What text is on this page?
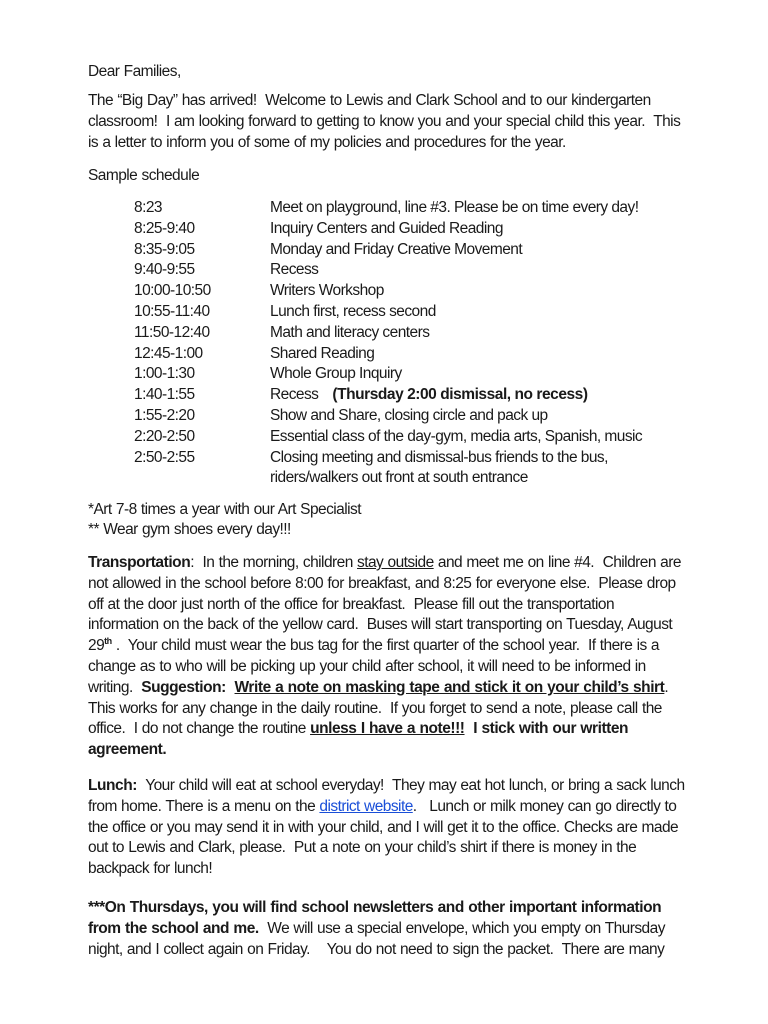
Dear Families,
Sample schedule
8:23	Meet on playground, line #3. Please be on time every day!
8:25-9:40	Inquiry Centers and Guided Reading
8:35-9:05	Monday and Friday Creative Movement
9:40-9:55	Recess
10:00-10:50	Writers Workshop
10:55-11:40	Lunch first, recess second
11:50-12:40	Math and literacy centers
12:45-1:00	Shared Reading
1:00-1:30	Whole Group Inquiry
1:40-1:55	Recess (Thursday 2:00 dismissal, no recess)
1:55-2:20	Show and Share, closing circle and pack up
2:20-2:50	Essential class of the day-gym, media arts, Spanish, music
2:50-2:55	Closing meeting and dismissal-bus friends to the bus,
riders/walkers out front at south entrance
*Art 7-8 times a year with our Art Specialist
** Wear gym shoes every day!!!
The “Big Day” has arrived!  Welcome to Lewis and Clark School and to our kindergarten
classroom!  I am looking forward to getting to know you and your special child this year.  This
is a letter to inform you of some of my policies and procedures for the year.
Transportation:  In the morning, children stay outside and meet me on line #4.  Children are
not allowed in the school before 8:00 for breakfast, and 8:25 for everyone else.  Please drop
off at the door just north of the office for breakfast.  Please fill out the transportation
information on the back of the yellow card.  Buses will start transporting on Tuesday, August
29th .  Your child must wear the bus tag for the first quarter of the school year.  If there is a
change as to who will be picking up your child after school, it will need to be informed in
writing.  Suggestion:  Write a note on masking tape and stick it on your child’s shirt.
This works for any change in the daily routine.  If you forget to send a note, please call the
office.  I do not change the routine unless I have a note!!!  I stick with our written
agreement.
Lunch:  Your child will eat at school everyday!  They may eat hot lunch, or bring a sack lunch
from home. There is a menu on the district website.   Lunch or milk money can go directly to
the office or you may send it in with your child, and I will get it to the office. Checks are made
out to Lewis and Clark, please.  Put a note on your child’s shirt if there is money in the
backpack for lunch!
***On Thursdays, you will find school newsletters and other important information
from the school and me.  We will use a special envelope, which you empty on Thursday
night, and I collect again on Friday.    You do not need to sign the packet.  There are many
